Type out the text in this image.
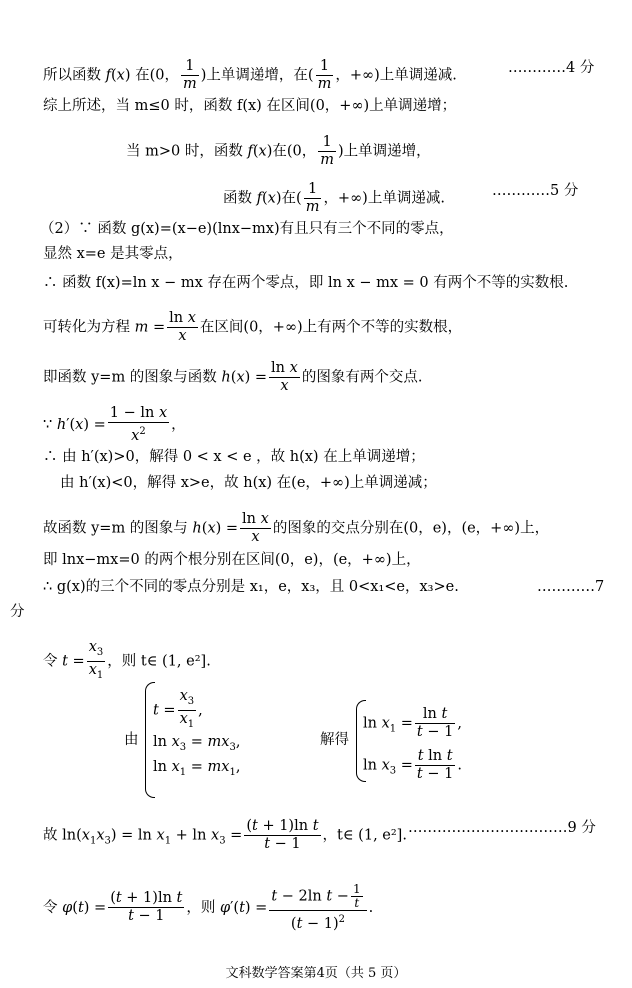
所以函数 f(x) 在(0， $\frac{1}{m}$ )上单调递增，在( $\frac{1}{m}$ ，+∞)上单调递减.	…………4 分
综上所述，当 m≤0 时，函数 f(x) 在区间(0，+∞)上单调递增；
当 m>0 时，函数 f(x)在(0， $\frac{1}{m}$ )上单调递增，
函数 f(x)在( $\frac{1}{m}$ ，+∞)上单调递减.	…………5 分
（2）∵ 函数 g(x)=(x−e)(lnx−mx)有且只有三个不同的零点，
显然 x=e 是其零点，
∴ 函数 f(x)=ln x − mx 存在两个零点，即 ln x − mx = 0 有两个不等的实数根.
可转化为方程 $m = \frac{\text{ln x}}{x}$ 在区间(0，+∞)上有两个不等的实数根，
即函数 y=m 的图象与函数 $h(x) = \frac{\text{ln x}}{x}$ 的图象有两个交点.
∵ $h'(x) = \frac{\text{1 − ln x}}{x^2}$ ，
∴ 由 h′(x)>0，解得 0 < x < e ，故 h(x) 在上单调递增；
由 h′(x)<0，解得 x>e，故 h(x) 在(e，+∞)上单调递减；
故函数 y=m 的图象与 $h(x) = \frac{\text{ln x}}{x}$ 的图象的交点分别在(0，e)，(e，+∞)上，
即 lnx−mx=0 的两个根分别在区间(0，e)，(e，+∞)上，
∴ g(x)的三个不同的零点分别是 x₁，e，x₃，且 0<x₁<e，x₃>e.	…………7
分
令 $t = \frac{x_3}{x_1}$ ，则 t∈ (1, e²].
由
$t = \frac{x_3}{x_1}$ ,
$\ln x_3 = mx_3$,
$\ln x_1 = mx_1$,
解得
$\ln x_1 = \frac{\text{ln t}}{t - 1}$ ,
$\ln x_3 = \frac{\text{t ln t}}{t - 1}$ .
故 $\ln(x_1x_3) = \ln x_1 + \ln x_3 = \frac{\text{(t + 1)ln t}}{t - 1}$ ，t∈ (1, e²]. ……………………………9 分
令 $\varphi(t) = \frac{\text{(t + 1)ln t}}{t - 1}$ ，则 $\varphi'(t) = \frac{t - 2\ln t - \frac{1}{t}}{(t - 1)^2}$ .
文科数学答案第4页（共 5 页）
